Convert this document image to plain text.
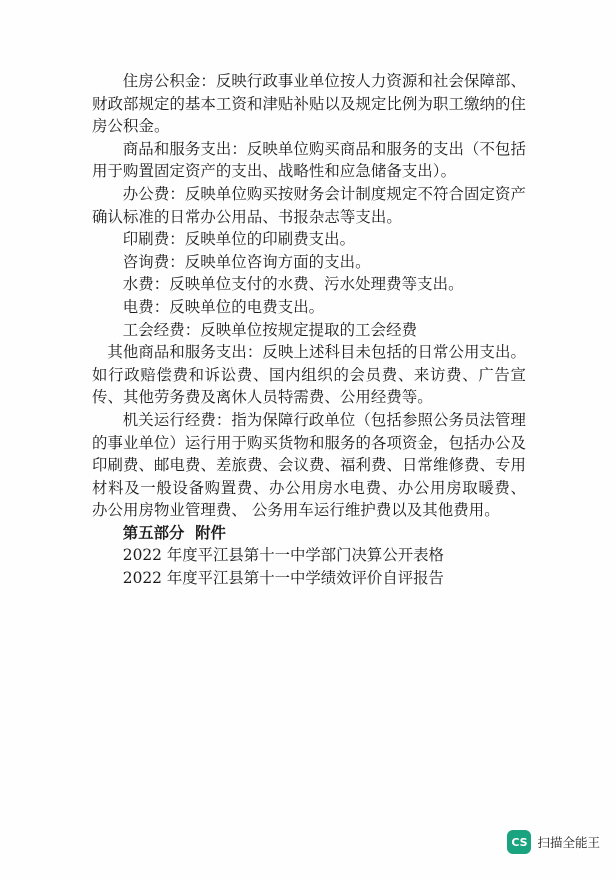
住房公积金：反映行政事业单位按人力资源和社会保障部、财政部规定的基本工资和津贴补贴以及规定比例为职工缴纳的住房公积金。

商品和服务支出：反映单位购买商品和服务的支出（不包括用于购置固定资产的支出、战略性和应急储备支出）。

办公费：反映单位购买按财务会计制度规定不符合固定资产确认标准的日常办公用品、书报杂志等支出。

印刷费：反映单位的印刷费支出。

咨询费：反映单位咨询方面的支出。

水费：反映单位支付的水费、污水处理费等支出。

电费：反映单位的电费支出。

工会经费：反映单位按规定提取的工会经费

其他商品和服务支出：反映上述科目未包括的日常公用支出。如行政赔偿费和诉讼费、国内组织的会员费、来访费、广告宣传、其他劳务费及离休人员特需费、公用经费等。

机关运行经费：指为保障行政单位（包括参照公务员法管理的事业单位）运行用于购买货物和服务的各项资金，包括办公及印刷费、邮电费、差旅费、会议费、福利费、日常维修费、专用材料及一般设备购置费、办公用房水电费、办公用房取暖费、 办公用房物业管理费、 公务用车运行维护费以及其他费用。

第五部分  附件

2022 年度平江县第十一中学部门决算公开表格

2022 年度平江县第十一中学绩效评价自评报告

CS 扫描全能王
